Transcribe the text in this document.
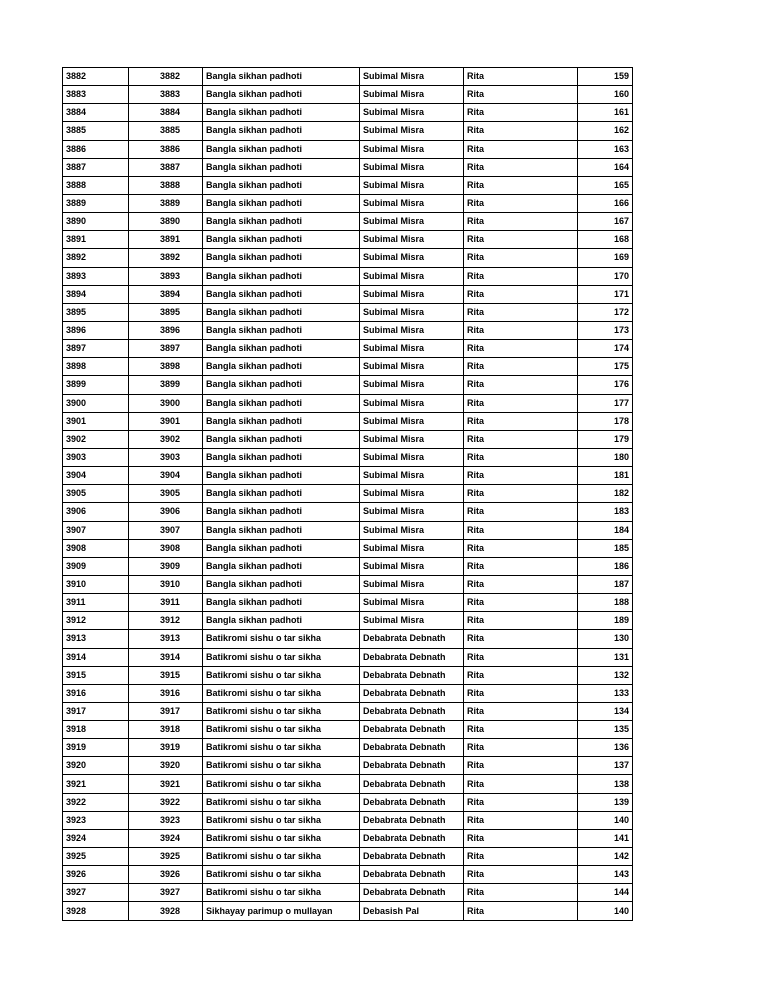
3882	3882	Bangla sikhan padhoti	Subimal Misra	Rita	159
3883	3883	Bangla sikhan padhoti	Subimal Misra	Rita	160
3884	3884	Bangla sikhan padhoti	Subimal Misra	Rita	161
3885	3885	Bangla sikhan padhoti	Subimal Misra	Rita	162
3886	3886	Bangla sikhan padhoti	Subimal Misra	Rita	163
3887	3887	Bangla sikhan padhoti	Subimal Misra	Rita	164
3888	3888	Bangla sikhan padhoti	Subimal Misra	Rita	165
3889	3889	Bangla sikhan padhoti	Subimal Misra	Rita	166
3890	3890	Bangla sikhan padhoti	Subimal Misra	Rita	167
3891	3891	Bangla sikhan padhoti	Subimal Misra	Rita	168
3892	3892	Bangla sikhan padhoti	Subimal Misra	Rita	169
3893	3893	Bangla sikhan padhoti	Subimal Misra	Rita	170
3894	3894	Bangla sikhan padhoti	Subimal Misra	Rita	171
3895	3895	Bangla sikhan padhoti	Subimal Misra	Rita	172
3896	3896	Bangla sikhan padhoti	Subimal Misra	Rita	173
3897	3897	Bangla sikhan padhoti	Subimal Misra	Rita	174
3898	3898	Bangla sikhan padhoti	Subimal Misra	Rita	175
3899	3899	Bangla sikhan padhoti	Subimal Misra	Rita	176
3900	3900	Bangla sikhan padhoti	Subimal Misra	Rita	177
3901	3901	Bangla sikhan padhoti	Subimal Misra	Rita	178
3902	3902	Bangla sikhan padhoti	Subimal Misra	Rita	179
3903	3903	Bangla sikhan padhoti	Subimal Misra	Rita	180
3904	3904	Bangla sikhan padhoti	Subimal Misra	Rita	181
3905	3905	Bangla sikhan padhoti	Subimal Misra	Rita	182
3906	3906	Bangla sikhan padhoti	Subimal Misra	Rita	183
3907	3907	Bangla sikhan padhoti	Subimal Misra	Rita	184
3908	3908	Bangla sikhan padhoti	Subimal Misra	Rita	185
3909	3909	Bangla sikhan padhoti	Subimal Misra	Rita	186
3910	3910	Bangla sikhan padhoti	Subimal Misra	Rita	187
3911	3911	Bangla sikhan padhoti	Subimal Misra	Rita	188
3912	3912	Bangla sikhan padhoti	Subimal Misra	Rita	189
3913	3913	Batikromi sishu o tar sikha	Debabrata Debnath	Rita	130
3914	3914	Batikromi sishu o tar sikha	Debabrata Debnath	Rita	131
3915	3915	Batikromi sishu o tar sikha	Debabrata Debnath	Rita	132
3916	3916	Batikromi sishu o tar sikha	Debabrata Debnath	Rita	133
3917	3917	Batikromi sishu o tar sikha	Debabrata Debnath	Rita	134
3918	3918	Batikromi sishu o tar sikha	Debabrata Debnath	Rita	135
3919	3919	Batikromi sishu o tar sikha	Debabrata Debnath	Rita	136
3920	3920	Batikromi sishu o tar sikha	Debabrata Debnath	Rita	137
3921	3921	Batikromi sishu o tar sikha	Debabrata Debnath	Rita	138
3922	3922	Batikromi sishu o tar sikha	Debabrata Debnath	Rita	139
3923	3923	Batikromi sishu o tar sikha	Debabrata Debnath	Rita	140
3924	3924	Batikromi sishu o tar sikha	Debabrata Debnath	Rita	141
3925	3925	Batikromi sishu o tar sikha	Debabrata Debnath	Rita	142
3926	3926	Batikromi sishu o tar sikha	Debabrata Debnath	Rita	143
3927	3927	Batikromi sishu o tar sikha	Debabrata Debnath	Rita	144
3928	3928	Sikhayay parimup o mullayan	Debasish Pal	Rita	140
